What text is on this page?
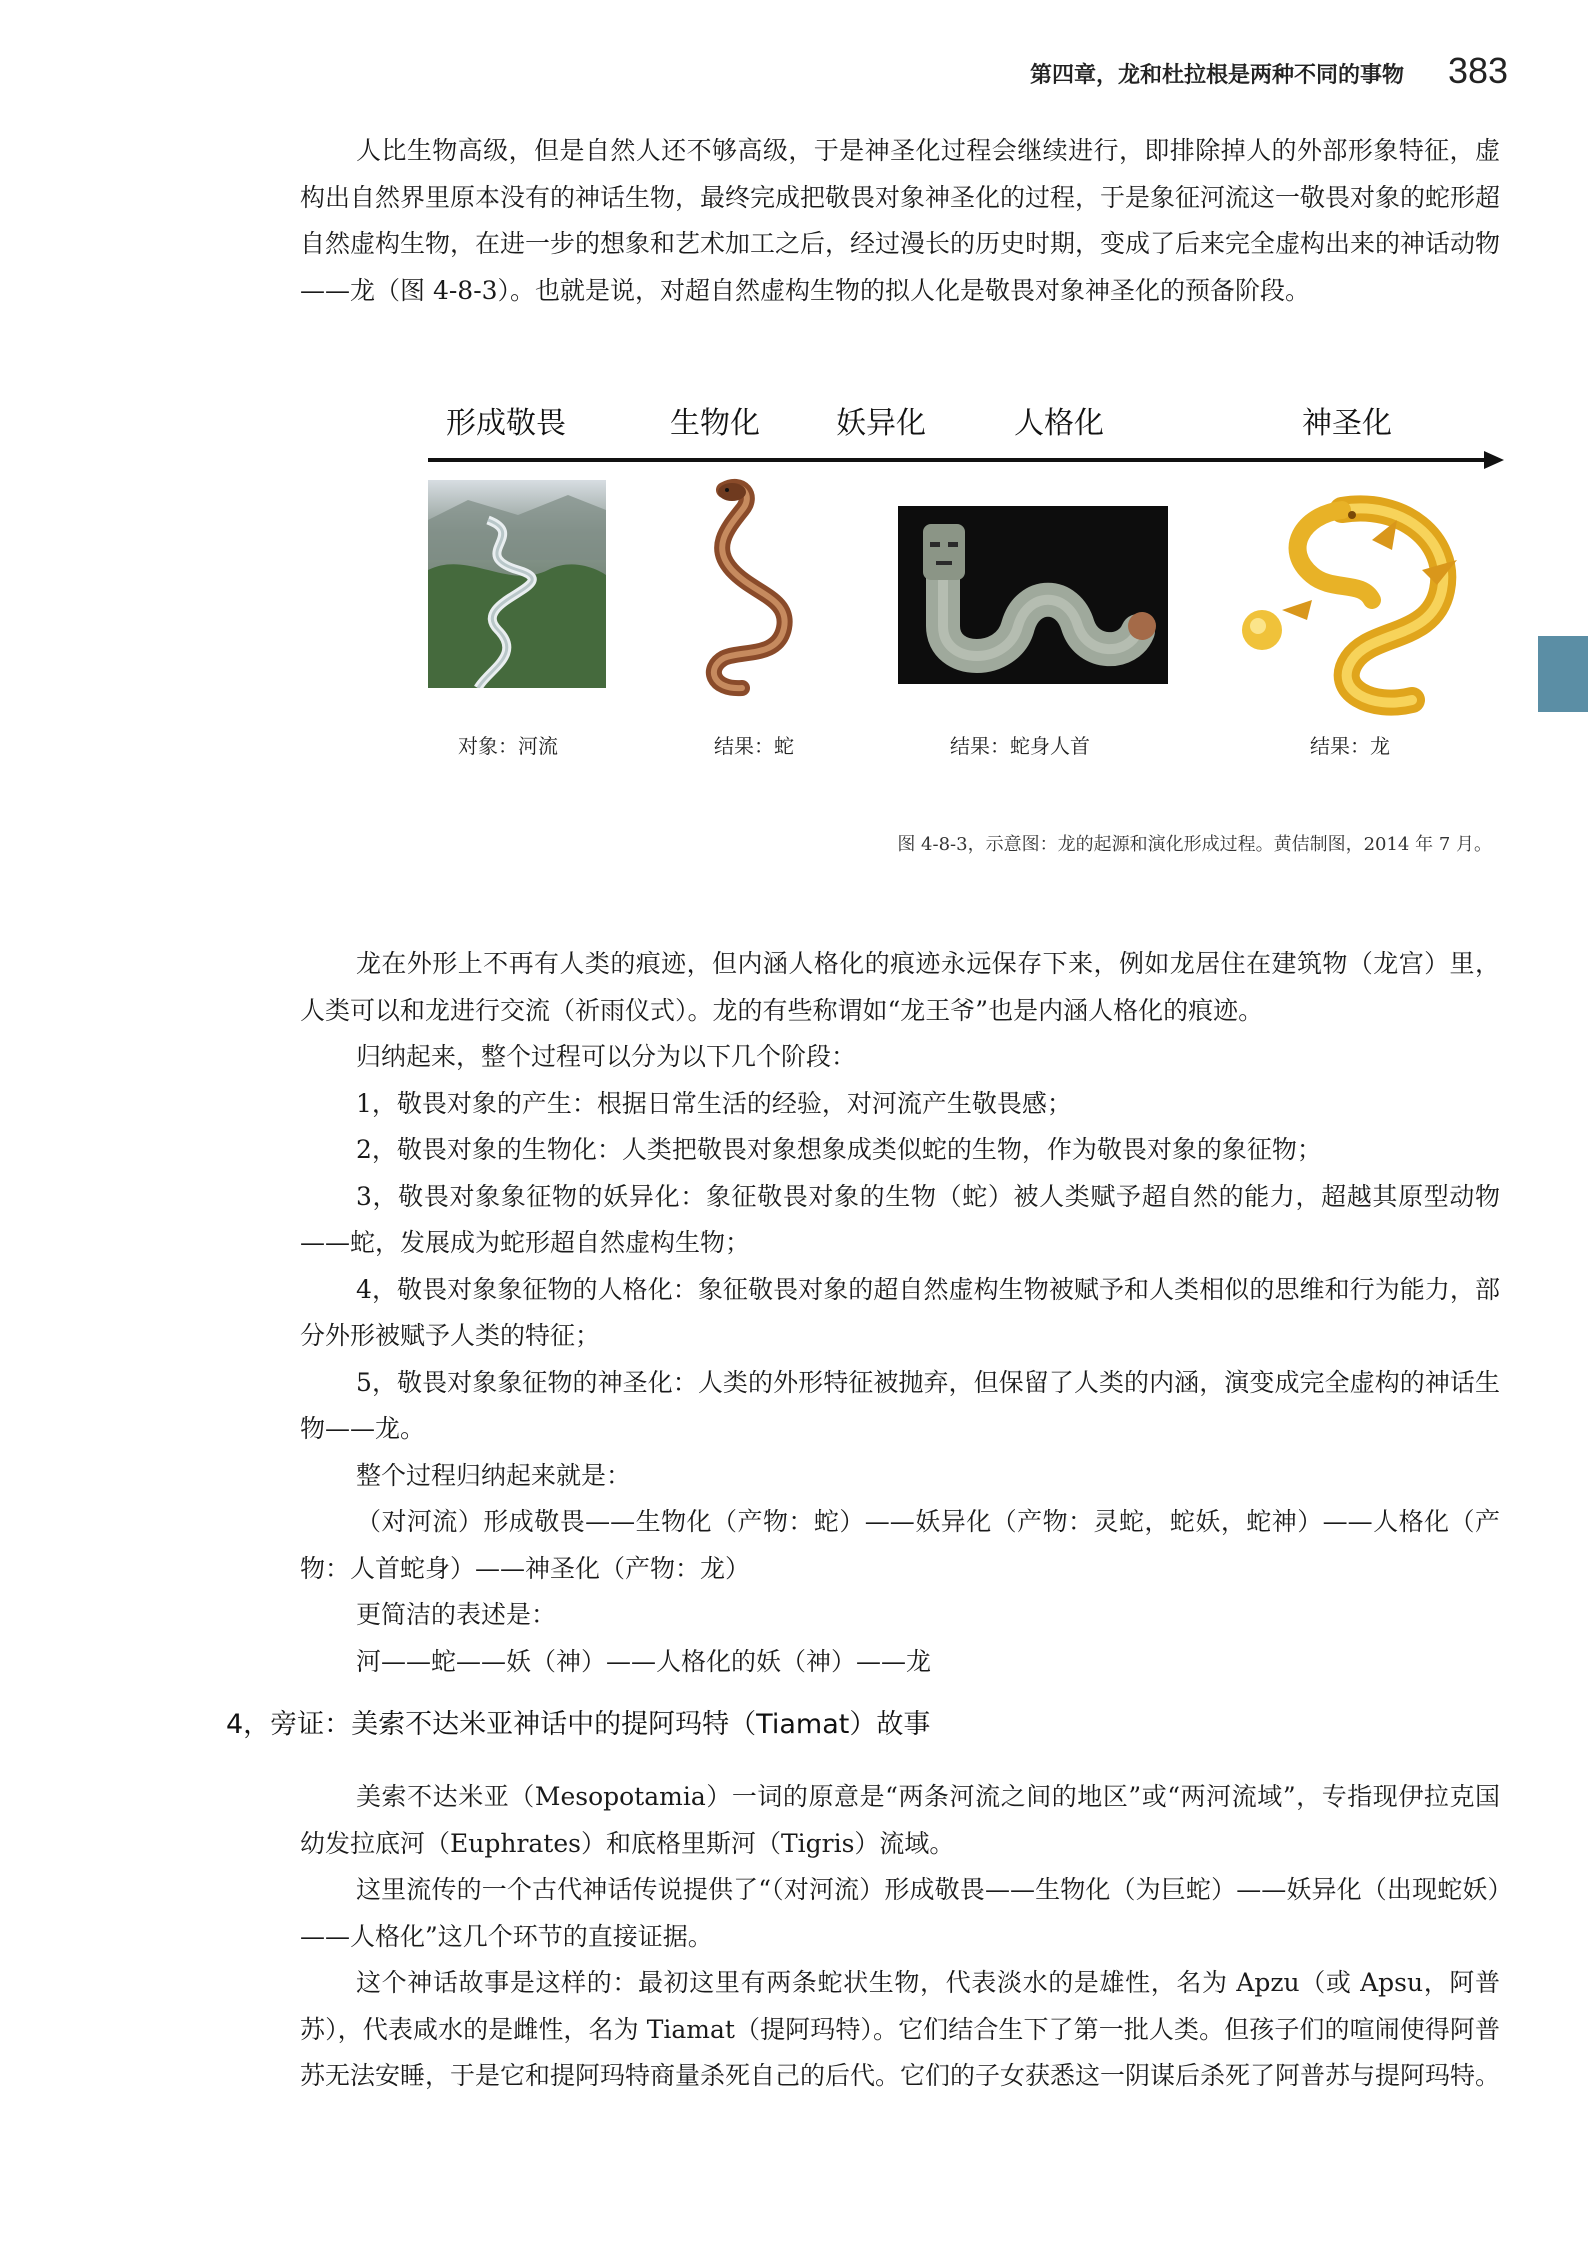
第四章，龙和杜拉根是两种不同的事物 383

人比生物高级，但是自然人还不够高级，于是神圣化过程会继续进行，即排除掉人的外部形象特征，虚构出自然界里原本没有的神话生物，最终完成把敬畏对象神圣化的过程，于是象征河流这一敬畏对象的蛇形超自然虚构生物，在进一步的想象和艺术加工之后，经过漫长的历史时期，变成了后来完全虚构出来的神话动物——龙（图 4-8-3）。也就是说，对超自然虚构生物的拟人化是敬畏对象神圣化的预备阶段。

形成敬畏	生物化	妖异化	人格化	神圣化
对象：河流	结果：蛇	结果：蛇身人首	结果：龙
图 4-8-3，示意图：龙的起源和演化形成过程。黄佶制图，2014 年 7 月。

龙在外形上不再有人类的痕迹，但内涵人格化的痕迹永远保存下来，例如龙居住在建筑物（龙宫）里，人类可以和龙进行交流（祈雨仪式）。龙的有些称谓如“龙王爷”也是内涵人格化的痕迹。

归纳起来，整个过程可以分为以下几个阶段：

1，敬畏对象的产生：根据日常生活的经验，对河流产生敬畏感；

2，敬畏对象的生物化：人类把敬畏对象想象成类似蛇的生物，作为敬畏对象的象征物；

3，敬畏对象象征物的妖异化：象征敬畏对象的生物（蛇）被人类赋予超自然的能力，超越其原型动物——蛇，发展成为蛇形超自然虚构生物；

4，敬畏对象象征物的人格化：象征敬畏对象的超自然虚构生物被赋予和人类相似的思维和行为能力，部分外形被赋予人类的特征；

5，敬畏对象象征物的神圣化：人类的外形特征被抛弃，但保留了人类的内涵，演变成完全虚构的神话生物——龙。

整个过程归纳起来就是：

（对河流）形成敬畏——生物化（产物：蛇）——妖异化（产物：灵蛇，蛇妖，蛇神）——人格化（产物：人首蛇身）——神圣化（产物：龙）

更简洁的表述是：

河——蛇——妖（神）——人格化的妖（神）——龙

4，旁证：美索不达米亚神话中的提阿玛特（Tiamat）故事

美索不达米亚（Mesopotamia）一词的原意是“两条河流之间的地区”或“两河流域”，专指现伊拉克国幼发拉底河（Euphrates）和底格里斯河（Tigris）流域。

这里流传的一个古代神话传说提供了“（对河流）形成敬畏——生物化（为巨蛇）——妖异化（出现蛇妖）——人格化”这几个环节的直接证据。

这个神话故事是这样的：最初这里有两条蛇状生物，代表淡水的是雄性，名为 Apzu（或 Apsu，阿普苏），代表咸水的是雌性，名为 Tiamat（提阿玛特）。它们结合生下了第一批人类。但孩子们的喧闹使得阿普苏无法安睡，于是它和提阿玛特商量杀死自己的后代。它们的子女获悉这一阴谋后杀死了阿普苏与提阿玛特。
